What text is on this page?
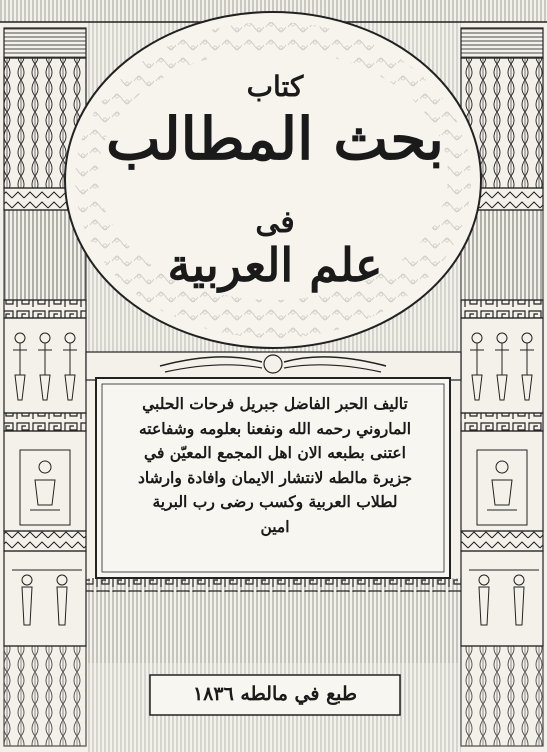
كتاب
بحث المطالب
فى
علم العربية
تاليف الحبر الفاضل جبريل فرحات الحلبي
الماروني رحمه الله ونفعنا بعلومه وشفاعته
اعتنى بطبعه الان اهل المجمع المعيّن في
جزيرة مالطه لانتشار الايمان وافادة وارشاد
لطلاب العربية وكسب رضى رب البرية
امين
طبع في مالطه ١٨٣٦
